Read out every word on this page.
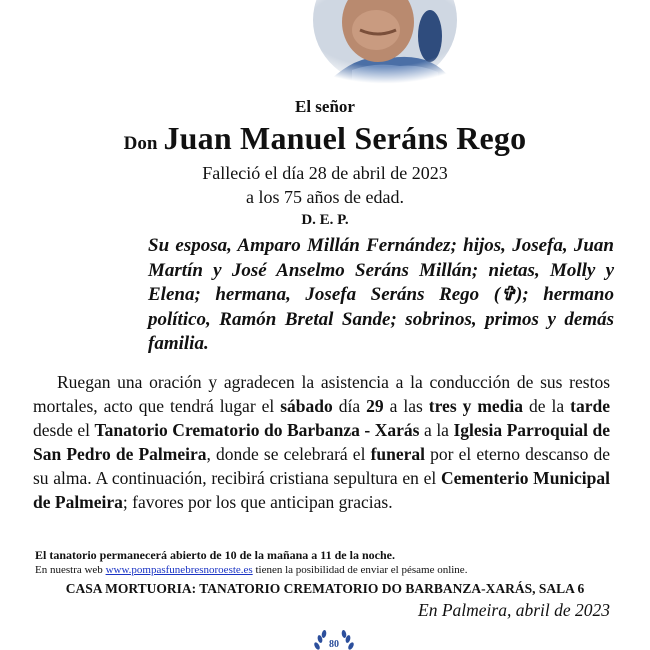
El señor
Don Juan Manuel Seráns Rego
Falleció el día 28 de abril de 2023
a los 75 años de edad.
D. E. P.
Su esposa, Amparo Millán Fernández; hijos, Josefa, Juan Martín y José Anselmo Seráns Millán; nietas, Molly y Elena; hermana, Josefa Seráns Rego (✞); hermano político, Ramón Bretal Sande; sobrinos, primos y demás familia.
Ruegan una oración y agradecen la asistencia a la conducción de sus restos mortales, acto que tendrá lugar el sábado día 29 a las tres y media de la tarde desde el Tanatorio Crematorio do Barbanza - Xarás a la Iglesia Parroquial de San Pedro de Palmeira, donde se celebrará el funeral por el eterno descanso de su alma. A continuación, recibirá cristiana sepultura en el Cementerio Municipal de Palmeira; favores por los que anticipan gracias.
El tanatorio permanecerá abierto de 10 de la mañana a 11 de la noche.
En nuestra web www.pompasfunebresnoroeste.es tienen la posibilidad de enviar el pésame online.
CASA MORTUORIA: TANATORIO CREMATORIO DO BARBANZA-XARÁS, SALA 6
En Palmeira, abril de 2023
80
